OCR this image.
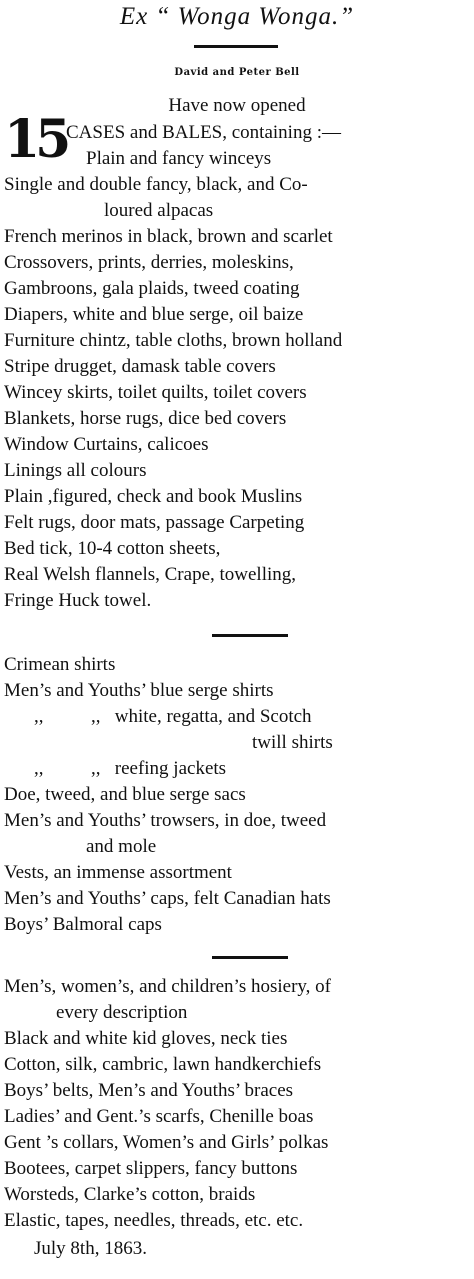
Ex “ Wonga Wonga.”
David and Peter Bell
Have now opened
15 CASES and BALES, containing :—
Plain and fancy winceys
Single and double fancy, black, and Co-
loured alpacas
French merinos in black, brown and scarlet
Crossovers, prints, derries, moleskins,
Gambroons, gala plaids, tweed coating
Diapers, white and blue serge, oil baize
Furniture chintz, table cloths, brown holland
Stripe drugget, damask table covers
Wincey skirts, toilet quilts, toilet covers
Blankets, horse rugs, dice bed covers
Window Curtains, calicoes
Linings all colours
Plain ,figured, check and book Muslins
Felt rugs, door mats, passage Carpeting
Bed tick, 10-4 cotton sheets,
Real Welsh flannels, Crape, towelling,
Fringe Huck towel.
Crimean shirts
Men’s and Youths’ blue serge shirts
,,          ,,   white, regatta, and Scotch
twill shirts
,,          ,,   reefing jackets
Doe, tweed, and blue serge sacs
Men’s and Youths’ trowsers, in doe, tweed
and mole
Vests, an immense assortment
Men’s and Youths’ caps, felt Canadian hats
Boys’ Balmoral caps
Men’s, women’s, and children’s hosiery, of
every description
Black and white kid gloves, neck ties
Cotton, silk, cambric, lawn handkerchiefs
Boys’ belts, Men’s and Youths’ braces
Ladies’ and Gent.’s scarfs, Chenille boas
Gent ’s collars, Women’s and Girls’ polkas
Bootees, carpet slippers, fancy buttons
Worsteds, Clarke’s cotton, braids
Elastic, tapes, needles, threads, etc. etc.
July 8th, 1863.
